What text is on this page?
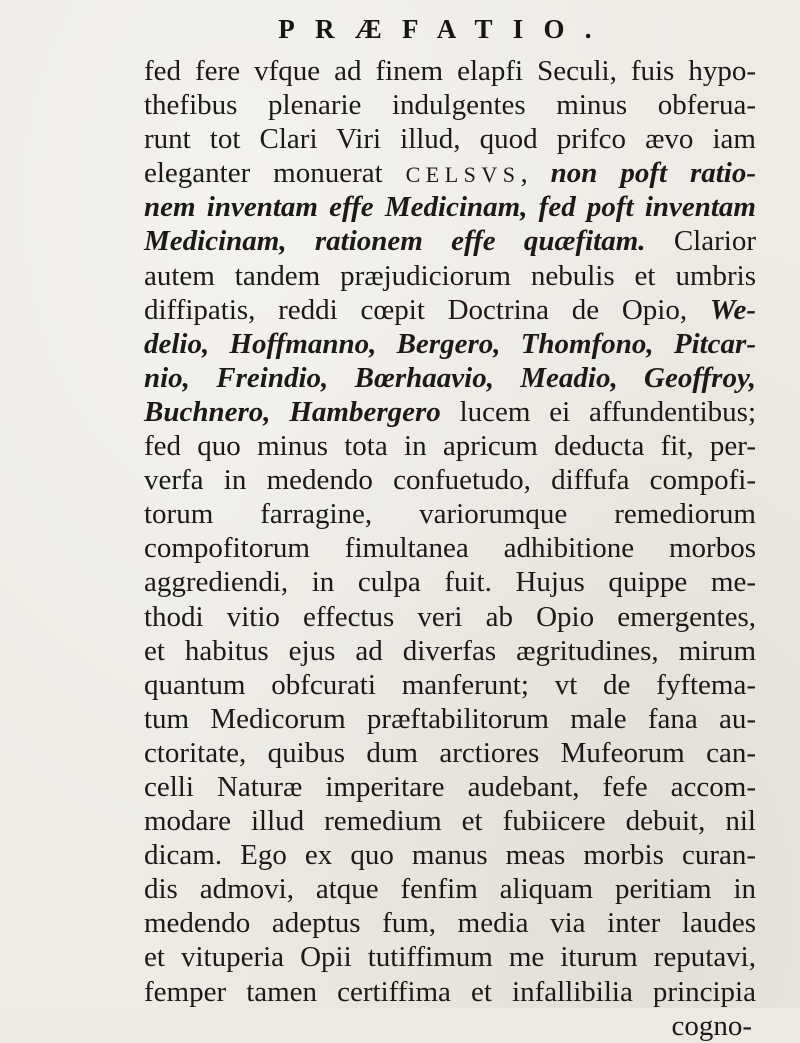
PRÆFATIO.
fed fere vfque ad finem elapfi Seculi, fuis hypo-
thefibus plenarie indulgentes minus obferua-
runt tot Clari Viri illud, quod prifco ævo iam
eleganter monuerat CELSVS, non poft ratio-
nem inventam effe Medicinam, fed poft inventam
Medicinam, rationem effe quæfitam. Clarior
autem tandem præjudiciorum nebulis et umbris
diffipatis, reddi cœpit Doctrina de Opio, We-
delio, Hoffmanno, Bergero, Thomfono, Pitcar-
nio, Freindio, Bœrhaavio, Meadio, Geoffroy,
Buchnero, Hambergero lucem ei affundentibus;
fed quo minus tota in apricum deducta fit, per-
verfa in medendo confuetudo, diffufa compofi-
torum farragine, variorumque remediorum
compofitorum fimultanea adhibitione morbos
aggrediendi, in culpa fuit. Hujus quippe me-
thodi vitio effectus veri ab Opio emergentes,
et habitus ejus ad diverfas ægritudines, mirum
quantum obfcurati manferunt; vt de fyftema-
tum Medicorum præftabilitorum male fana au-
ctoritate, quibus dum arctiores Mufeorum can-
celli Naturæ imperitare audebant, fefe accom-
modare illud remedium et fubiicere debuit, nil
dicam. Ego ex quo manus meas morbis curan-
dis admovi, atque fenfim aliquam peritiam in
medendo adeptus fum, media via inter laudes
et vituperia Opii tutiffimum me iturum reputavi,
femper tamen certiffima et infallibilia principia
cogno-
